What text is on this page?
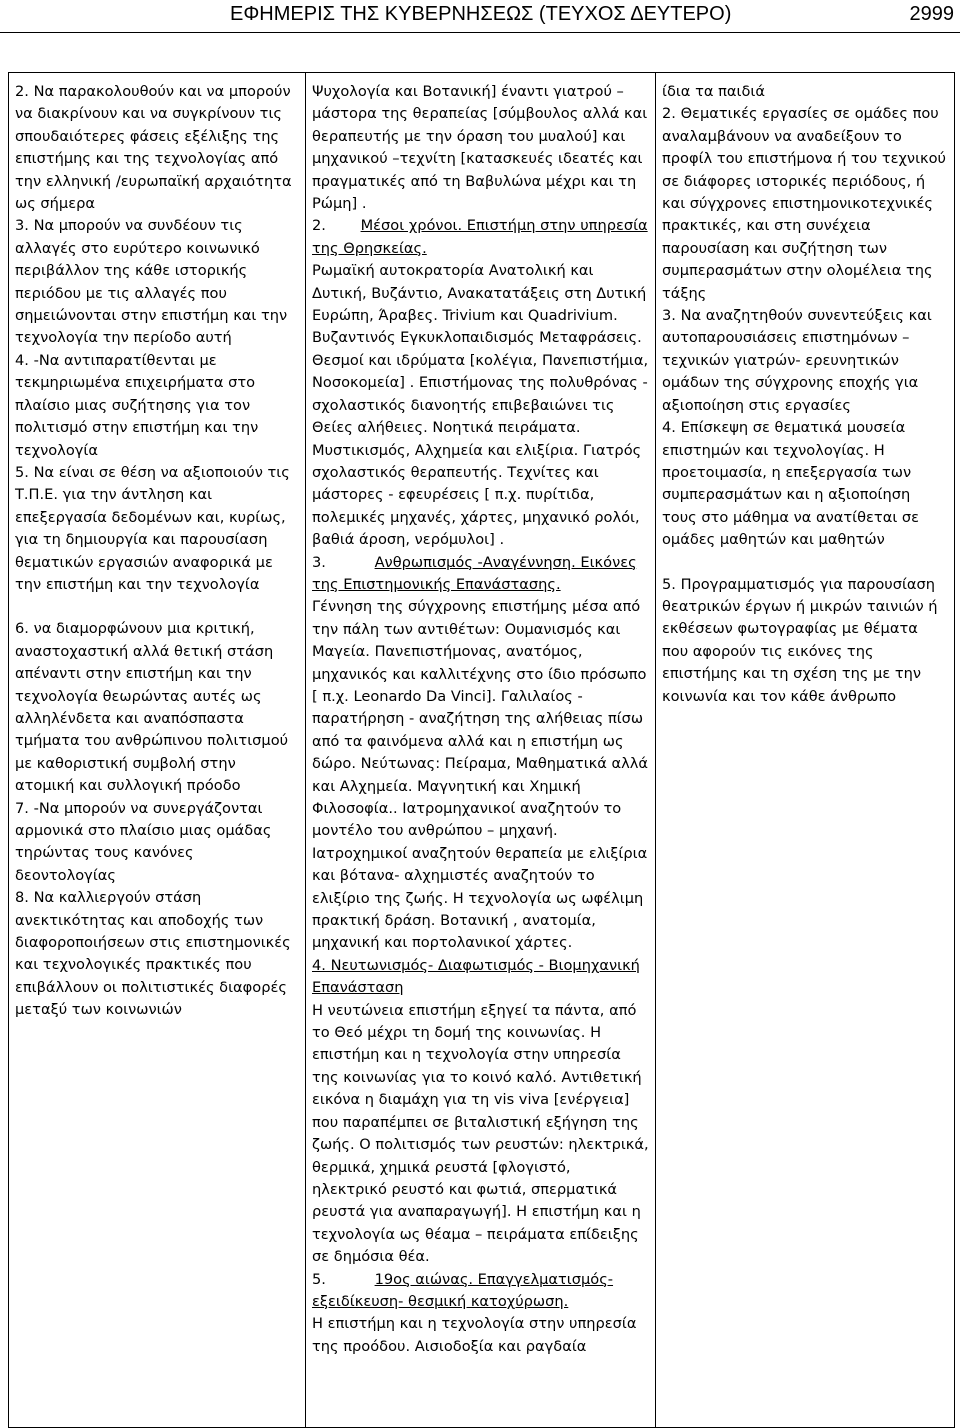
ΕΦΗΜΕΡΙΣ ΤΗΣ ΚΥΒΕΡΝΗΣΕΩΣ (ΤΕΥΧΟΣ ΔΕΥΤΕΡΟ)	2999

2. Να παρακολουθούν και να μπορούν να διακρίνουν και να συγκρίνουν τις σπουδαιότερες φάσεις εξέλιξης της επιστήμης και της τεχνολογίας από την ελληνική /ευρωπαϊκή αρχαιότητα ως σήμερα

3. Να μπορούν να συνδέουν τις αλλαγές στο ευρύτερο κοινωνικό περιβάλλον της κάθε ιστορικής περιόδου με τις αλλαγές που σημειώνονται στην επιστήμη και την τεχνολογία την περίοδο αυτή

4. -Να αντιπαρατίθενται με τεκμηριωμένα επιχειρήματα στο πλαίσιο μιας συζήτησης για τον πολιτισμό στην επιστήμη και την τεχνολογία

5. Να είναι σε θέση να αξιοποιούν τις Τ.Π.Ε. για την άντληση και επεξεργασία δεδομένων και, κυρίως, για τη δημιουργία και παρουσίαση θεματικών εργασιών αναφορικά με την επιστήμη και την τεχνολογία

6. να διαμορφώνουν μια κριτική, αναστοχαστική αλλά θετική στάση απέναντι στην επιστήμη και την τεχνολογία θεωρώντας αυτές ως αλληλένδετα και αναπόσπαστα τμήματα του ανθρώπινου πολιτισμού με καθοριστική συμβολή στην ατομική και συλλογική πρόοδο

7. -Να μπορούν να συνεργάζονται αρμονικά στο πλαίσιο μιας ομάδας τηρώντας τους κανόνες δεοντολογίας

8. Να καλλιεργούν στάση ανεκτικότητας και αποδοχής των διαφοροποιήσεων στις επιστημονικές και τεχνολογικές πρακτικές που επιβάλλουν οι πολιτιστικές διαφορές μεταξύ των κοινωνιών

Ψυχολογία και Βοτανική] έναντι γιατρού – μάστορα της θεραπείας [σύμβουλος αλλά και θεραπευτής με την όραση του μυαλού] και μηχανικού –τεχνίτη [κατασκευές ιδεατές και πραγματικές από τη Βαβυλώνα μέχρι και τη Ρώμη] .

2. Μέσοι χρόνοι. Επιστήμη στην υπηρεσία της Θρησκείας.

Ρωμαϊκή αυτοκρατορία Ανατολική και Δυτική, Βυζάντιο, Ανακατατάξεις στη Δυτική Ευρώπη, Άραβες. Trivium και Quadrivium. Βυζαντινός Εγκυκλοπαιδισμός Μεταφράσεις. Θεσμοί και ιδρύματα [κολέγια, Πανεπιστήμια, Νοσοκομεία] . Επιστήμονας της πολυθρόνας - σχολαστικός διανοητής επιβεβαιώνει τις Θείες αλήθειες. Νοητικά πειράματα. Μυστικισμός, Αλχημεία και ελιξίρια. Γιατρός σχολαστικός θεραπευτής. Τεχνίτες και μάστορες - εφευρέσεις [ π.χ. πυρίτιδα, πολεμικές μηχανές, χάρτες, μηχανικό ρολόι, βαθιά άροση, νερόμυλοι] .

3.	Ανθρωπισμός -Αναγέννηση. Εικόνες της Επιστημονικής Επανάστασης.

Γέννηση της σύγχρονης επιστήμης μέσα από την πάλη των αντιθέτων: Ουμανισμός και Μαγεία. Πανεπιστήμονας, ανατόμος, μηχανικός και καλλιτέχνης στο ίδιο πρόσωπο [ π.χ. Leonardo Da Vinci]. Γαλιλαίος - παρατήρηση - αναζήτηση της αλήθειας πίσω από τα φαινόμενα αλλά και η επιστήμη ως δώρο. Νεύτωνας: Πείραμα, Μαθηματικά αλλά και Αλχημεία. Μαγνητική και Χημική Φιλοσοφία.. Ιατρομηχανικοί αναζητούν το μοντέλο του ανθρώπου – μηχανή. Ιατροχημικοί αναζητούν θεραπεία με ελιξίρια και βότανα- αλχημιστές αναζητούν το ελιξίριο της ζωής. Η τεχνολογία ως ωφέλιμη πρακτική δράση. Βοτανική , ανατομία, μηχανική και πορτολανικοί χάρτες.

4. Νευτωνισμός- Διαφωτισμός - Βιομηχανική Επανάσταση

Η νευτώνεια επιστήμη εξηγεί τα πάντα, από το Θεό μέχρι τη δομή της κοινωνίας. Η επιστήμη και η τεχνολογία στην υπηρεσία της κοινωνίας για το κοινό καλό. Αντιθετική εικόνα η διαμάχη για τη vis viva [ενέργεια] που παραπέμπει σε βιταλιστική εξήγηση της ζωής. Ο πολιτισμός των ρευστών: ηλεκτρικά, θερμικά, χημικά ρευστά [φλογιστό, ηλεκτρικό ρευστό και φωτιά, σπερματικά ρευστά για αναπαραγωγή]. Η επιστήμη και η τεχνολογία ως θέαμα – πειράματα επίδειξης σε δημόσια θέα.

5.	19ος αιώνας. Επαγγελματισμός- εξειδίκευση- θεσμική κατοχύρωση.

Η επιστήμη και η τεχνολογία στην υπηρεσία της προόδου. Αισιοδοξία και ραγδαία

ίδια τα παιδιά

2. Θεματικές εργασίες σε ομάδες που αναλαμβάνουν να αναδείξουν το προφίλ του επιστήμονα ή του τεχνικού σε διάφορες ιστορικές περιόδους, ή και σύγχρονες επιστημονικοτεχνικές πρακτικές, και στη συνέχεια παρουσίαση και συζήτηση των συμπερασμάτων στην ολομέλεια της τάξης

3. Να αναζητηθούν συνεντεύξεις και αυτοπαρουσιάσεις επιστημόνων –τεχνικών γιατρών- ερευνητικών ομάδων της σύγχρονης εποχής για αξιοποίηση στις εργασίες

4. Επίσκεψη σε θεματικά μουσεία επιστημών και τεχνολογίας. Η προετοιμασία, η επεξεργασία των συμπερασμάτων και η αξιοποίηση τους στο μάθημα να ανατίθεται σε ομάδες μαθητών και μαθητών

5. Προγραμματισμός για παρουσίαση θεατρικών έργων ή μικρών ταινιών ή εκθέσεων φωτογραφίας με θέματα που αφορούν τις εικόνες της επιστήμης και τη σχέση της με την κοινωνία και τον κάθε άνθρωπο
